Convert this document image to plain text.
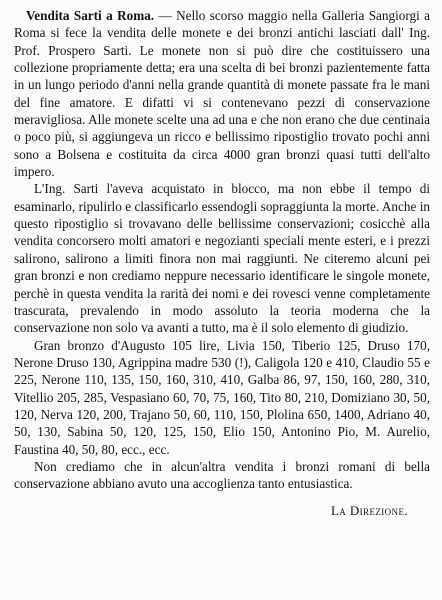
Vendita Sarti a Roma. — Nello scorso maggio nella Galleria Sangiorgi a Roma si fece la vendita delle monete e dei bronzi antichi lasciati dall' Ing. Prof. Prospero Sarti. Le monete non si può dire che costituissero una collezione propriamente detta; era una scelta di bei bronzi pazientemente fatta in un lungo periodo d'anni nella grande quantità di monete passate fra le mani del fine amatore. E difatti vi si contenevano pezzi di conservazione meravigliosa. Alle monete scelte una ad una e che non erano che due centinaia o poco più, si aggiungeva un ricco e bellissimo ripostiglio trovato pochi anni sono a Bolsena e costituita da circa 4000 gran bronzi quasi tutti dell'alto impero.

L'Ing. Sarti l'aveva acquistato in blocco, ma non ebbe il tempo di esaminarlo, ripulirlo e classificarlo essendogli sopraggiunta la morte. Anche in questo ripostiglio si trovavano delle bellissime conservazioni; cosicchè alla vendita concorsero molti amatori e negozianti speciali mente esteri, e i prezzi salirono, salirono a limiti finora non mai raggiunti. Ne citeremo alcuni pei gran bronzi e non crediamo neppure necessario identificare le singole monete, perchè in questa vendita la rarità dei nomi e dei rovesci venne completamente trascurata, prevalendo in modo assoluto la teoria moderna che la conservazione non solo va avanti a tutto, ma è il solo elemento di giudizio.

Gran bronzo d'Augusto 105 lire, Livia 150, Tiberio 125, Druso 170, Nerone Druso 130, Agrippina madre 530 (!), Caligola 120 e 410, Claudio 55 e 225, Nerone 110, 135, 150, 160, 310, 410, Galba 86, 97, 150, 160, 280, 310, Vitellio 205, 285, Vespasiano 60, 70, 75, 160, Tito 80, 210, Domiziano 30, 50, 120, Nerva 120, 200, Trajano 50, 60, 110, 150, Plolina 650, 1400, Adriano 40, 50, 130, Sabina 50, 120, 125, 150, Elio 150, Antonino Pio, M. Aurelio, Faustina 40, 50, 80, ecc., ecc.

Non crediamo che in alcun'altra vendita i bronzi romani di bella conservazione abbiano avuto una accoglienza tanto entusiastica.

La Direzione.
